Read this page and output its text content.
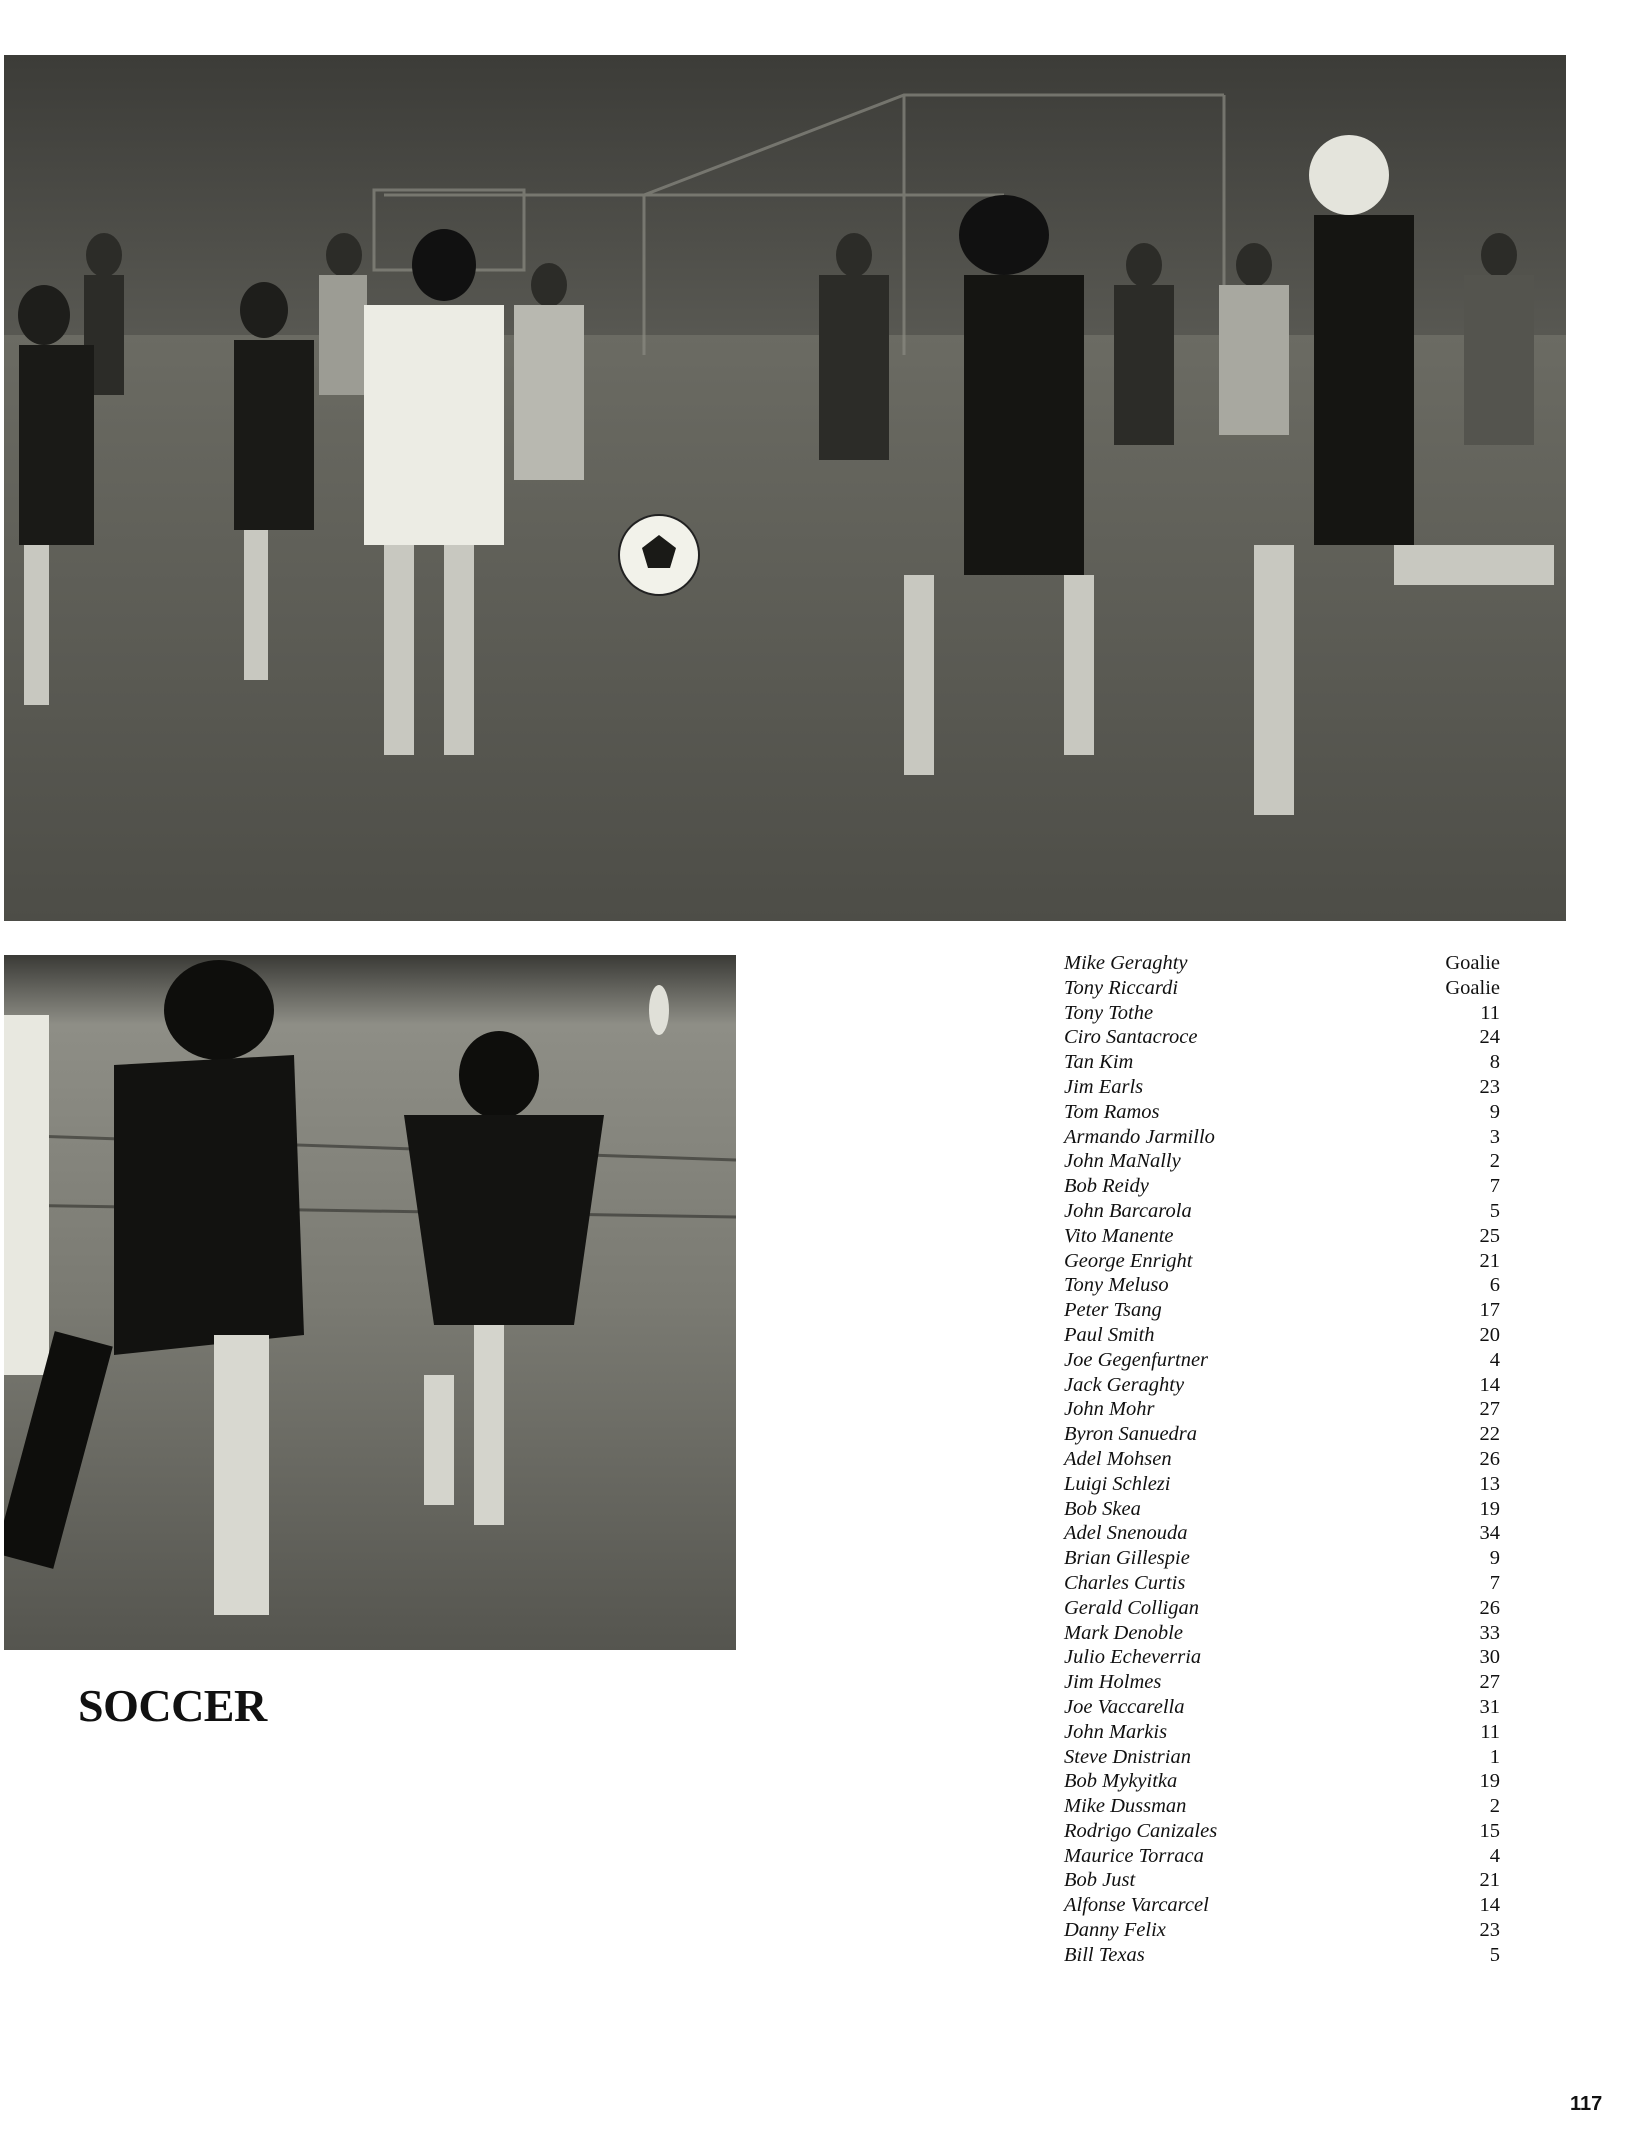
SOCCER
Mike Geraghty	Goalie
Tony Riccardi	Goalie
Tony Tothe	11
Ciro Santacroce	24
Tan Kim	8
Jim Earls	23
Tom Ramos	9
Armando Jarmillo	3
John MaNally	2
Bob Reidy	7
John Barcarola	5
Vito Manente	25
George Enright	21
Tony Meluso	6
Peter Tsang	17
Paul Smith	20
Joe Gegenfurtner	4
Jack Geraghty	14
John Mohr	27
Byron Sanuedra	22
Adel Mohsen	26
Luigi Schlezi	13
Bob Skea	19
Adel Snenouda	34
Brian Gillespie	9
Charles Curtis	7
Gerald Colligan	26
Mark Denoble	33
Julio Echeverria	30
Jim Holmes	27
Joe Vaccarella	31
John Markis	11
Steve Dnistrian	1
Bob Mykyitka	19
Mike Dussman	2
Rodrigo Canizales	15
Maurice Torraca	4
Bob Just	21
Alfonse Varcarcel	14
Danny Felix	23
Bill Texas	5
117
